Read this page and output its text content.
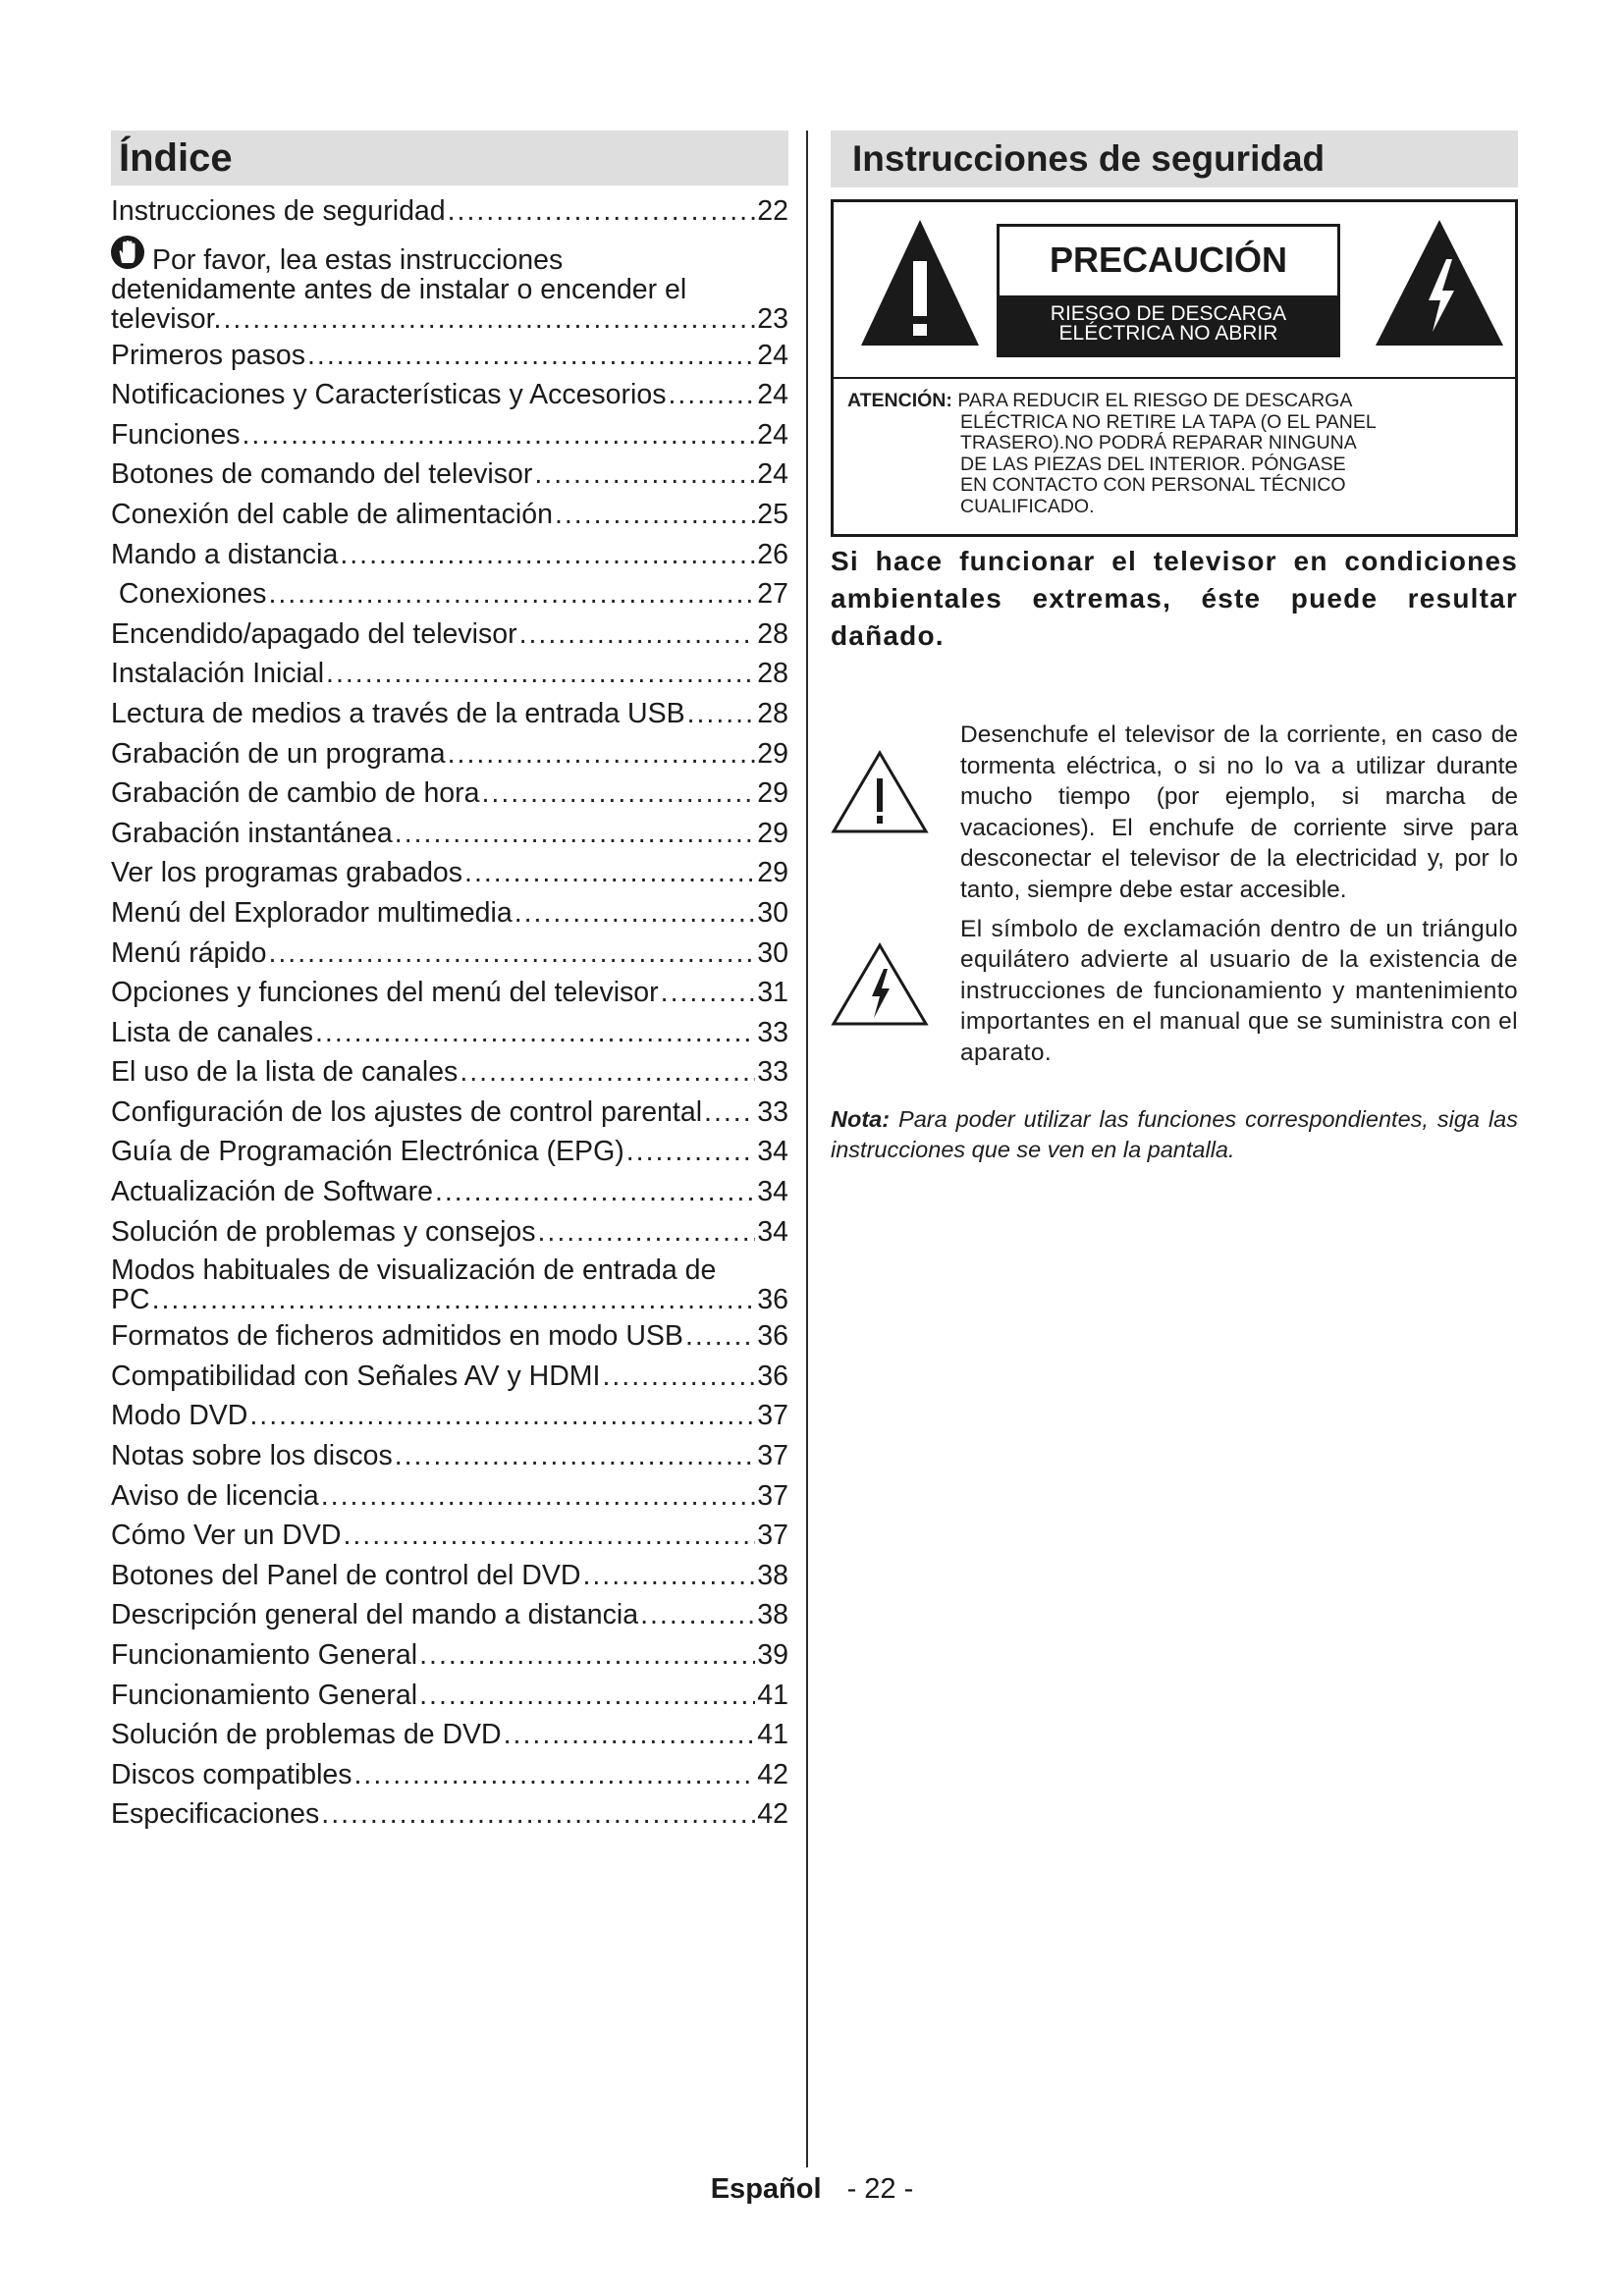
Índice
Instrucciones de seguridad .....	22
Por favor, lea estas instrucciones
detenidamente antes de instalar o encender el
televisor. .....	23
Primeros pasos .....	24
Notificaciones y Características y Accesorios .....	24
Funciones .....	24
Botones de comando del televisor .....	24
Conexión del cable de alimentación .....	25
Mando a distancia .....	26
Conexiones .....	27
Encendido/apagado del televisor .....	28
Instalación Inicial .....	28
Lectura de medios a través de la entrada USB .....	28
Grabación de un programa .....	29
Grabación de cambio de hora .....	29
Grabación instantánea .....	29
Ver los programas grabados .....	29
Menú del Explorador multimedia .....	30
Menú rápido .....	30
Opciones y funciones del menú del televisor .....	31
Lista de canales .....	33
El uso de la lista de canales .....	33
Configuración de los ajustes de control parental ..... 33
Guía de Programación Electrónica (EPG) .....	34
Actualización de Software .....	34
Solución de problemas y consejos .....	34
Modos habituales de visualización de entrada de
PC .....	36
Formatos de ficheros admitidos en modo USB .....	36
Compatibilidad con Señales AV y HDMI .....	36
Modo DVD .....	37
Notas sobre los discos .....	37
Aviso de licencia .....	37
Cómo Ver un DVD .....	37
Botones del Panel de control del DVD .....	38
Descripción general del mando a distancia .....	38
Funcionamiento General .....	39
Funcionamiento General .....	41
Solución de problemas de DVD .....	41
Discos compatibles .....	42
Especificaciones .....	42
Instrucciones de seguridad
PRECAUCIÓN
RIESGO DE DESCARGA
ELÉCTRICA NO ABRIR
ATENCIÓN: PARA REDUCIR EL RIESGO DE DESCARGA
ELÉCTRICA NO RETIRE LA TAPA (O EL PANEL
TRASERO).NO PODRÁ REPARAR NINGUNA
DE LAS PIEZAS DEL INTERIOR. PÓNGASE
EN CONTACTO CON PERSONAL TÉCNICO
CUALIFICADO.
Si hace funcionar el televisor en condiciones ambientales extremas, éste puede resultar dañado.

Desenchufe el televisor de la corriente, en caso de tormenta eléctrica, o si no lo va a utilizar durante mucho tiempo (por ejemplo, si marcha de vacaciones). El enchufe de corriente sirve para desconectar el televisor de la electricidad y, por lo tanto, siempre debe estar accesible.

El símbolo de exclamación dentro de un triángulo equilátero advierte al usuario de la existencia de instrucciones de funcionamiento y mantenimiento importantes en el manual que se suministra con el aparato.

Nota: Para poder utilizar las funciones correspondientes, siga las instrucciones que se ven en la pantalla.
Español - 22 -
